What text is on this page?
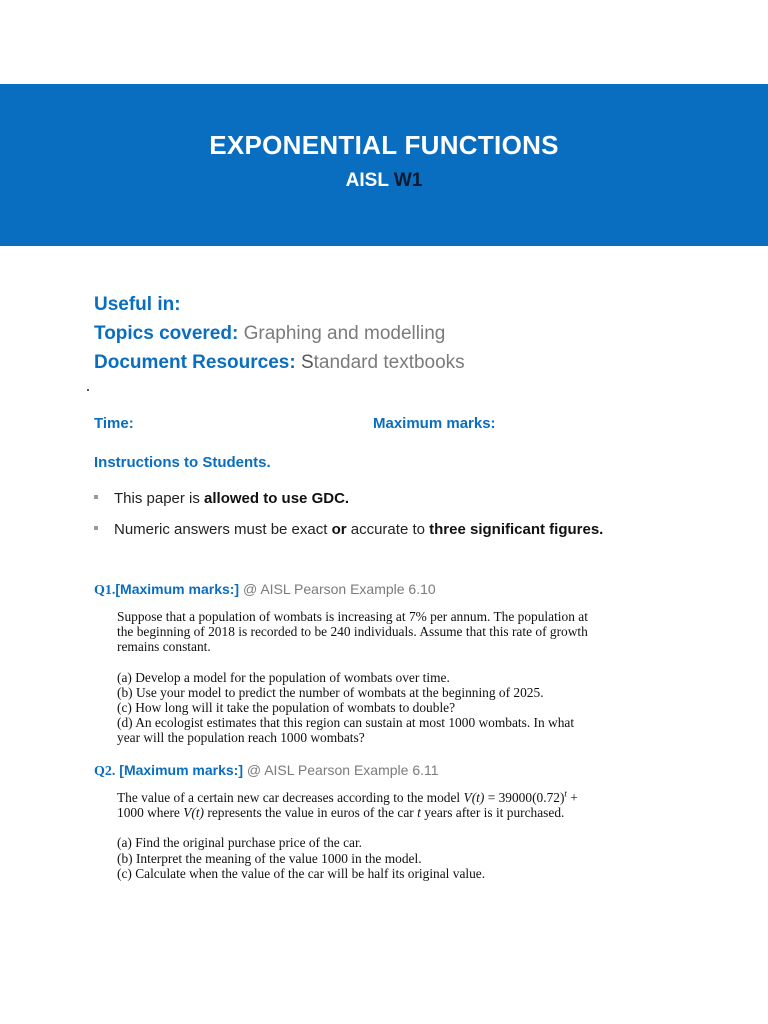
EXPONENTIAL FUNCTIONS
AISL W1
Useful in:
Topics covered: Graphing and modelling
Document Resources: Standard textbooks
Time:	Maximum marks:
Instructions to Students.
This paper is allowed to use GDC.
Numeric answers must be exact or accurate to three significant figures.
Q1.[Maximum marks:] @ AISL Pearson Example 6.10

Suppose that a population of wombats is increasing at 7% per annum. The population at

the beginning of 2018 is recorded to be 240 individuals. Assume that this rate of growth

remains constant.

(a) Develop a model for the population of wombats over time.

(b) Use your model to predict the number of wombats at the beginning of 2025.

(c) How long will it take the population of wombats to double?

(d) An ecologist estimates that this region can sustain at most 1000 wombats. In what

year will the population reach 1000 wombats?

Q2. [Maximum marks:] @ AISL Pearson Example 6.11

The value of a certain new car decreases according to the model $V(t) = 39000(0.72)^t$ +

1000 where V(t) represents the value in euros of the car t years after is it purchased.

(a) Find the original purchase price of the car.

(b) Interpret the meaning of the value 1000 in the model.

(c) Calculate when the value of the car will be half its original value.
